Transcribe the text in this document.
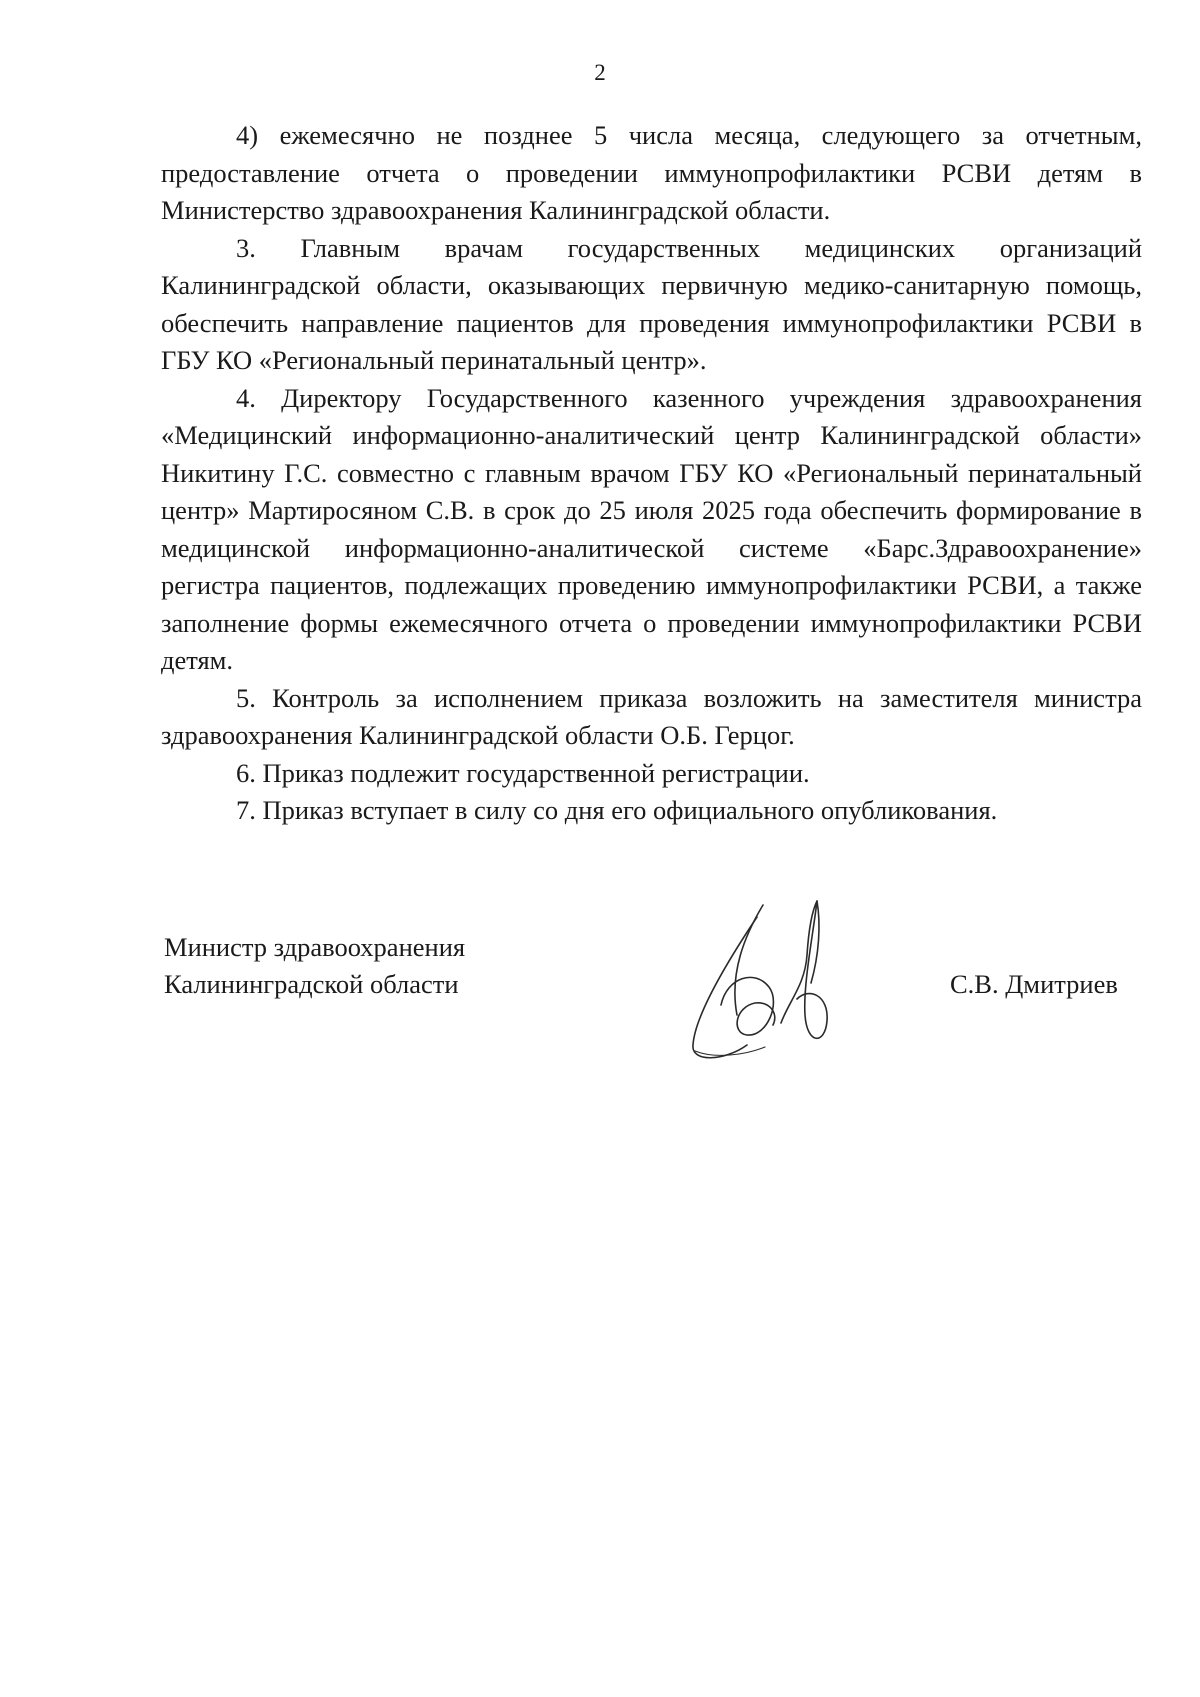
2

4) ежемесячно не позднее 5 числа месяца, следующего за отчетным, предоставление отчета о проведении иммунопрофилактики РСВИ детям в Министерство здравоохранения Калининградской области.

3. Главным врачам государственных медицинских организаций Калининградской области, оказывающих первичную медико-санитарную помощь, обеспечить направление пациентов для проведения иммунопрофилактики РСВИ в ГБУ КО «Региональный перинатальный центр».

4. Директору Государственного казенного учреждения здравоохранения «Медицинский информационно-аналитический центр Калининградской области» Никитину Г.С. совместно с главным врачом ГБУ КО «Региональный перинатальный центр» Мартиросяном С.В. в срок до 25 июля 2025 года обеспечить формирование в медицинской информационно-аналитической системе «Барс.Здравоохранение» регистра пациентов, подлежащих проведению иммунопрофилактики РСВИ, а также заполнение формы ежемесячного отчета о проведении иммунопрофилактики РСВИ детям.

5. Контроль за исполнением приказа возложить на заместителя министра здравоохранения Калининградской области О.Б. Герцог.

6. Приказ подлежит государственной регистрации.

7. Приказ вступает в силу со дня его официального опубликования.

Министр здравоохранения
Калининградской области	С.В. Дмитриев
